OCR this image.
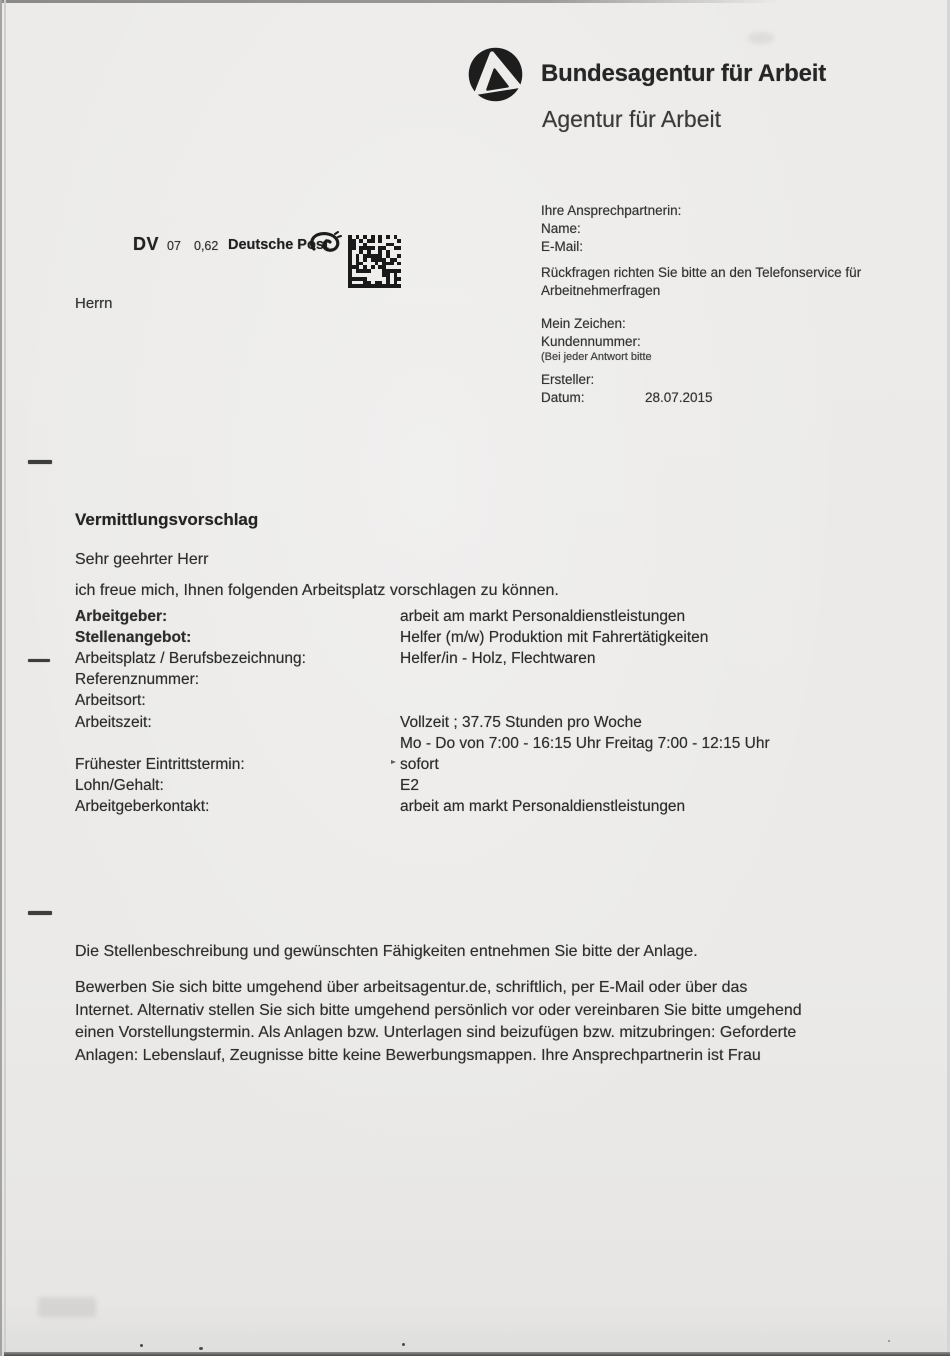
Bundesagentur für Arbeit
Agentur für Arbeit
DV 07 0,62 Deutsche Post
Herrn
Ihre Ansprechpartnerin:
Name:
E-Mail:
Rückfragen richten Sie bitte an den Telefonservice für
Arbeitnehmerfragen
Mein Zeichen:
Kundennummer:
(Bei jeder Antwort bitte
Ersteller:
Datum:	28.07.2015
Vermittlungsvorschlag
Sehr geehrter Herr
ich freue mich, Ihnen folgenden Arbeitsplatz vorschlagen zu können.
Arbeitgeber:	arbeit am markt Personaldienstleistungen
Stellenangebot:	Helfer (m/w) Produktion mit Fahrertätigkeiten
Arbeitsplatz / Berufsbezeichnung:	Helfer/in - Holz, Flechtwaren
Referenznummer:
Arbeitsort:
Arbeitszeit:	Vollzeit ; 37.75 Stunden pro Woche
Mo - Do von 7:00 - 16:15 Uhr Freitag 7:00 - 12:15 Uhr
Frühester Eintrittstermin:	sofort
Lohn/Gehalt:	E2
Arbeitgeberkontakt:	arbeit am markt Personaldienstleistungen
Die Stellenbeschreibung und gewünschten Fähigkeiten entnehmen Sie bitte der Anlage.
Bewerben Sie sich bitte umgehend über arbeitsagentur.de, schriftlich, per E-Mail oder über das
Internet. Alternativ stellen Sie sich bitte umgehend persönlich vor oder vereinbaren Sie bitte umgehend
einen Vorstellungstermin. Als Anlagen bzw. Unterlagen sind beizufügen bzw. mitzubringen: Geforderte
Anlagen: Lebenslauf, Zeugnisse bitte keine Bewerbungsmappen. Ihre Ansprechpartnerin ist Frau
